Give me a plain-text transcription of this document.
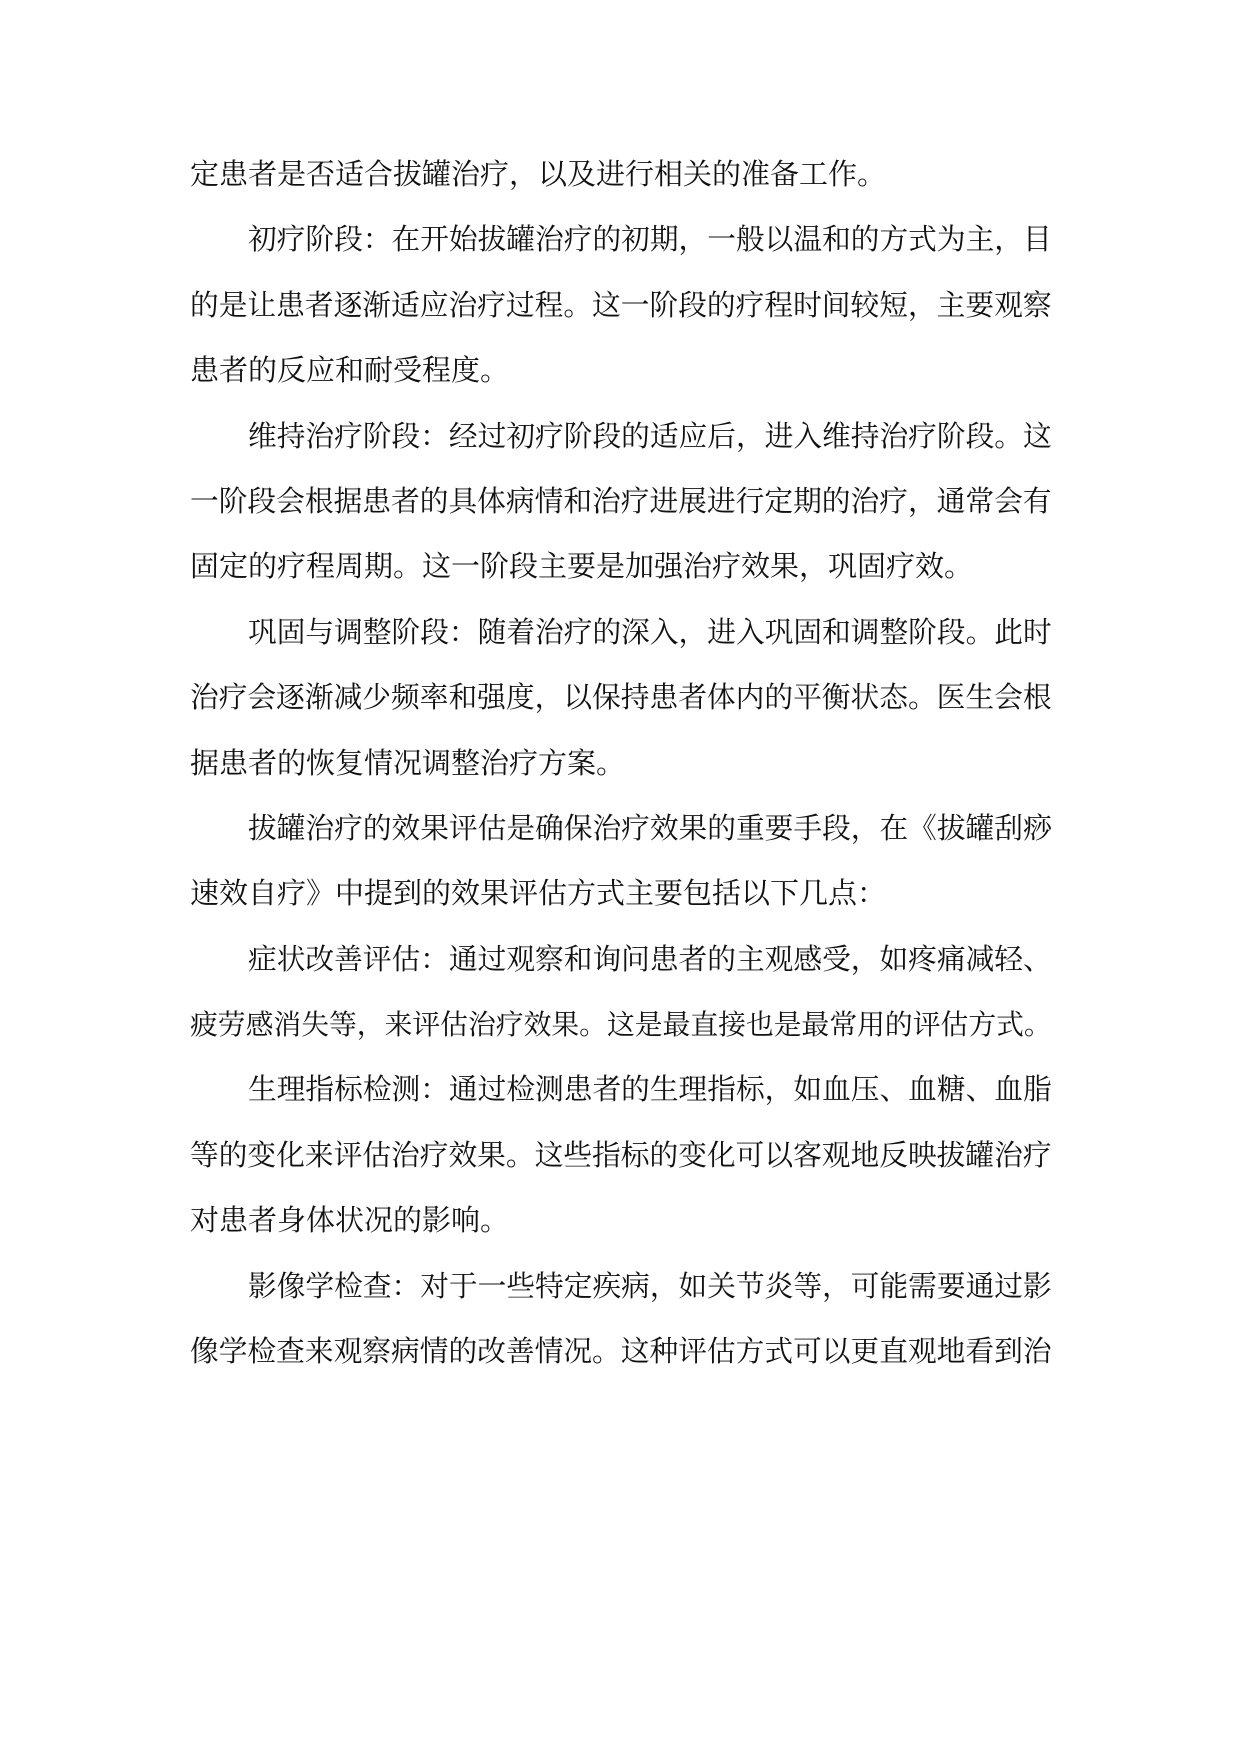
定患者是否适合拔罐治疗，以及进行相关的准备工作。
初疗阶段：在开始拔罐治疗的初期，一般以温和的方式为主，目
的是让患者逐渐适应治疗过程。这一阶段的疗程时间较短，主要观察
患者的反应和耐受程度。
维持治疗阶段：经过初疗阶段的适应后，进入维持治疗阶段。这
一阶段会根据患者的具体病情和治疗进展进行定期的治疗，通常会有
固定的疗程周期。这一阶段主要是加强治疗效果，巩固疗效。
巩固与调整阶段：随着治疗的深入，进入巩固和调整阶段。此时
治疗会逐渐减少频率和强度，以保持患者体内的平衡状态。医生会根
据患者的恢复情况调整治疗方案。
拔罐治疗的效果评估是确保治疗效果的重要手段，在《拔罐刮痧
速效自疗》中提到的效果评估方式主要包括以下几点：
症状改善评估：通过观察和询问患者的主观感受，如疼痛减轻、
疲劳感消失等，来评估治疗效果。这是最直接也是最常用的评估方式。
生理指标检测：通过检测患者的生理指标，如血压、血糖、血脂
等的变化来评估治疗效果。这些指标的变化可以客观地反映拔罐治疗
对患者身体状况的影响。
影像学检查：对于一些特定疾病，如关节炎等，可能需要通过影
像学检查来观察病情的改善情况。这种评估方式可以更直观地看到治
